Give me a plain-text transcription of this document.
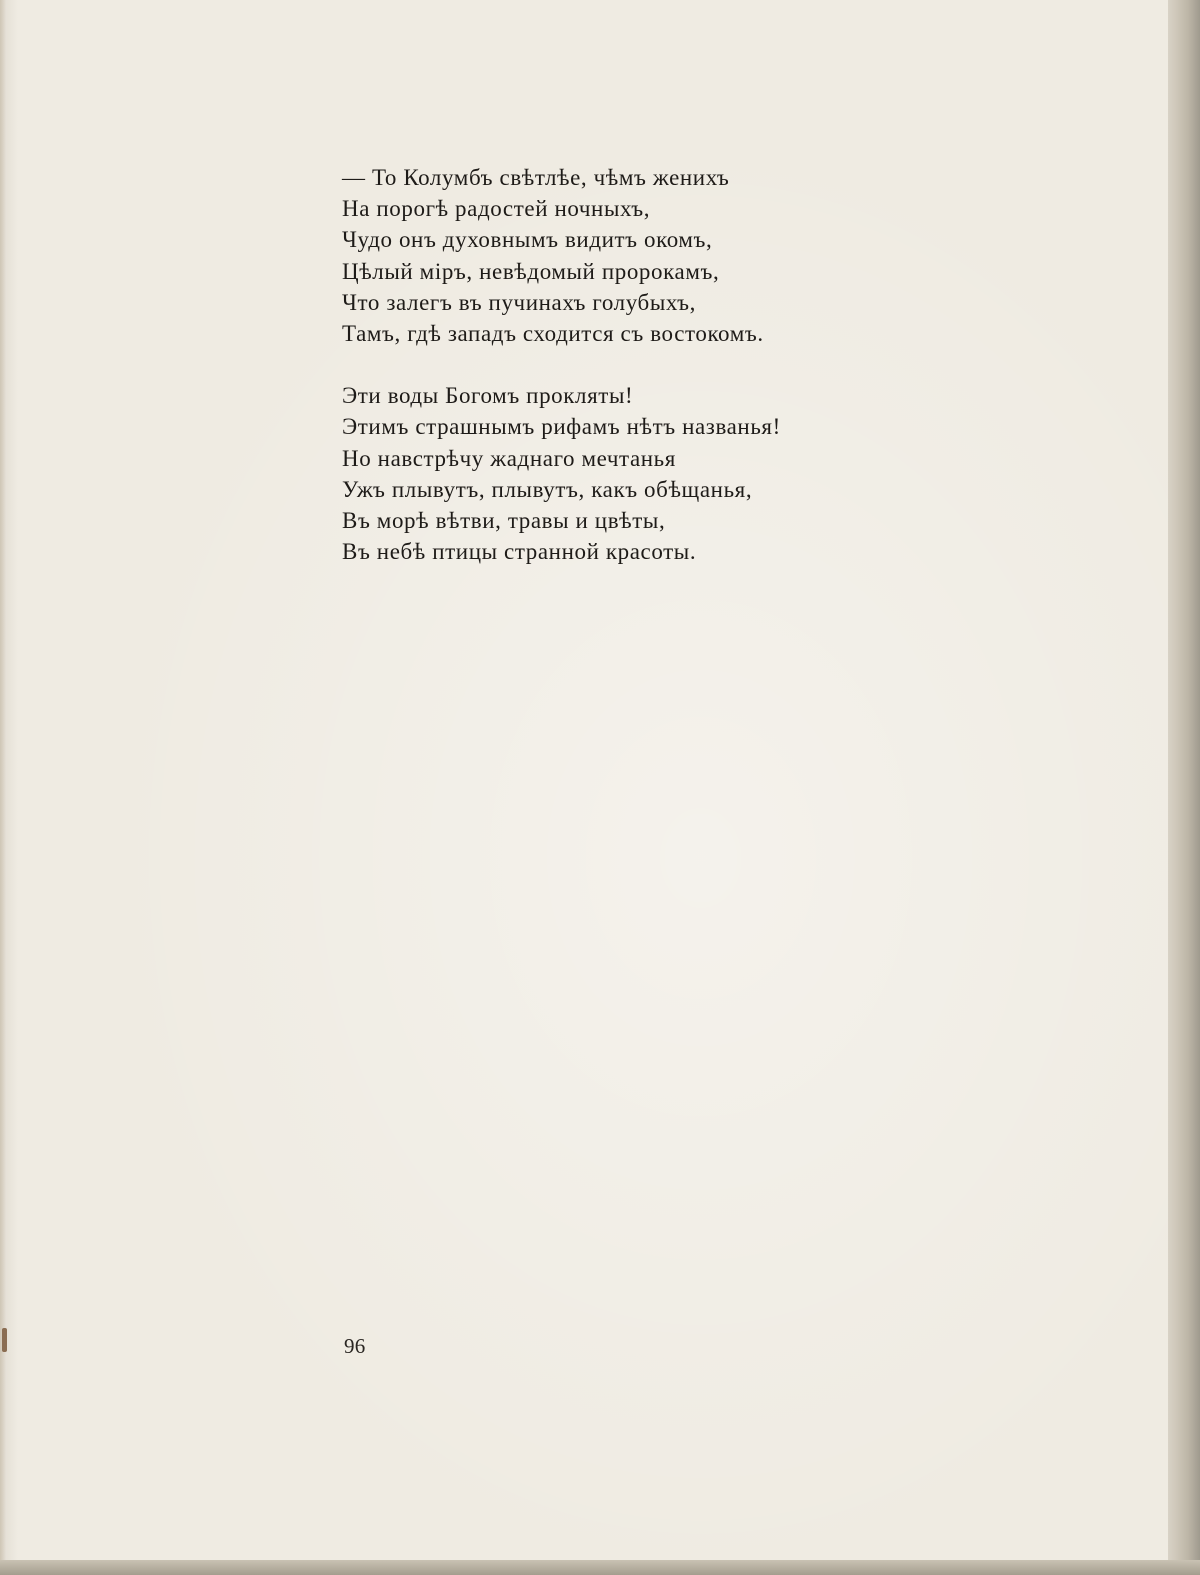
— То Колумбъ свѣтлѣе, чѣмъ женихъ
На порогѣ радостей ночныхъ,
Чудо онъ духовнымъ видитъ окомъ,
Цѣлый міръ, невѣдомый пророкамъ,
Что залегъ въ пучинахъ голубыхъ,
Тамъ, гдѣ западъ сходится съ востокомъ.
Эти воды Богомъ прокляты!
Этимъ страшнымъ рифамъ нѣтъ названья!
Но навстрѣчу жаднаго мечтанья
Ужъ плывутъ, плывутъ, какъ обѣщанья,
Въ морѣ вѣтви, травы и цвѣты,
Въ небѣ птицы странной красоты.
96
